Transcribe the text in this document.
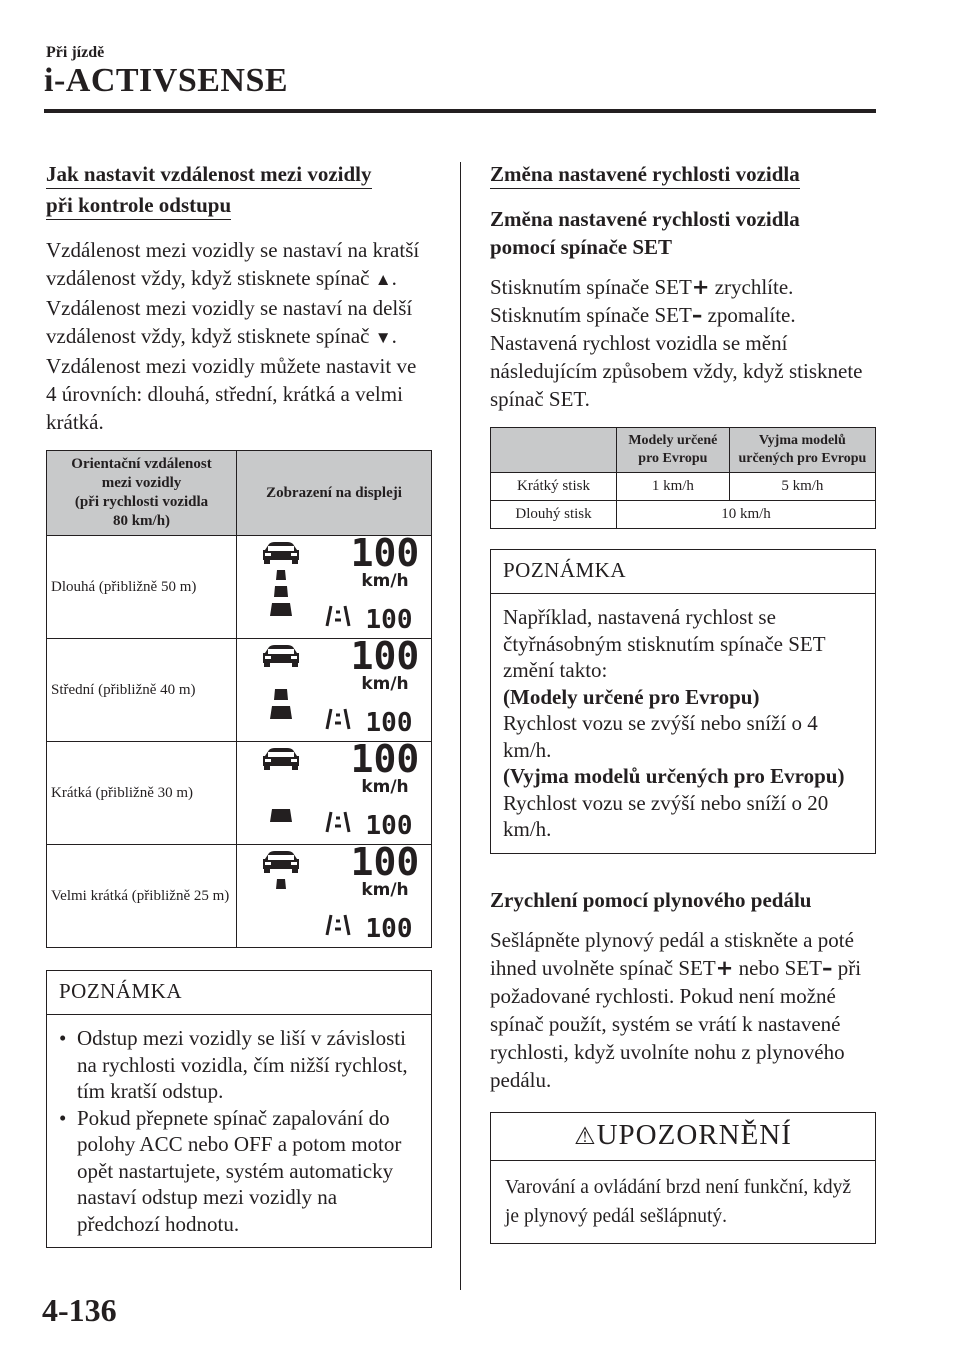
Při jízdě
i-ACTIVSENSE
Jak nastavit vzdálenost mezi vozidly
při kontrole odstupu
Vzdálenost mezi vozidly se nastaví na kratší vzdálenost vždy, když stisknete spínač ▲. Vzdálenost mezi vozidly se nastaví na delší vzdálenost vždy, když stisknete spínač ▼. Vzdálenost mezi vozidly můžete nastavit ve 4 úrovních: dlouhá, střední, krátká a velmi krátká.
Orientační vzdálenost
mezi vozidly
(při rychlosti vozidla
80 km/h)	Zobrazení na displeji
Dlouhá (přibližně 50 m)	100
km/h
100

Střední (přibližně 40 m)	100
km/h
100

Krátká (přibližně 30 m)	100
km/h
100

Velmi krátká (přibližně 25 m)	100
km/h
100
POZNÁMKA
• Odstup mezi vozidly se liší v závislosti na rychlosti vozidla, čím nižší rychlost, tím kratší odstup.
• Pokud přepnete spínač zapalování do polohy ACC nebo OFF a potom motor opět nastartujete, systém automaticky nastaví odstup mezi vozidly na předchozí hodnotu.
Změna nastavené rychlosti vozidla
Změna nastavené rychlosti vozidla
pomocí spínače SET
Stisknutím spínače SET+ zrychlíte.
Stisknutím spínače SET– zpomalíte.
Nastavená rychlost vozidla se mění následujícím způsobem vždy, když stisknete spínač SET.
	Modely určené pro Evropu	Vyjma modelů určených pro Evropu
Krátký stisk	1 km/h	5 km/h
Dlouhý stisk	10 km/h	
POZNÁMKA
Například, nastavená rychlost se čtyřnásobným stisknutím spínače SET změní takto:
(Modely určené pro Evropu)
Rychlost vozu se zvýší nebo sníží o 4 km/h.
(Vyjma modelů určených pro Evropu)
Rychlost vozu se zvýší nebo sníží o 20 km/h.
Zrychlení pomocí plynového pedálu
Sešlápněte plynový pedál a stiskněte a poté ihned uvolněte spínač SET+ nebo SET– při požadované rychlosti. Pokud není možné spínač použít, systém se vrátí k nastavené rychlosti, když uvolníte nohu z plynového pedálu.
⚠UPOZORNĚNÍ
Varování a ovládání brzd není funkční, když je plynový pedál sešlápnutý.
4-136
